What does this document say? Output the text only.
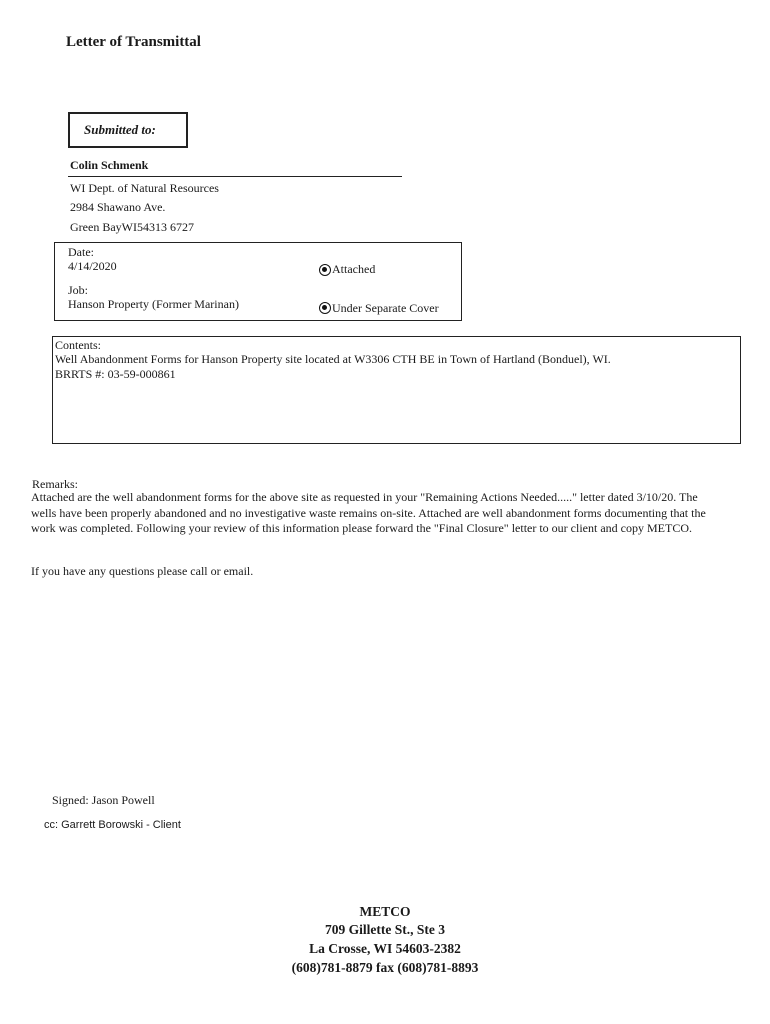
Letter of Transmittal
Submitted to:
Colin Schmenk
WI Dept. of Natural Resources
2984 Shawano Ave.
Green BayWI54313 6727
Date:
4/14/2020
Job:
Hanson Property (Former Marinan)
Attached
Under Separate Cover
Contents:
Well Abandonment Forms for Hanson Property site located at W3306 CTH BE in Town of Hartland (Bonduel), WI.
BRRTS #: 03-59-000861
Remarks:
Attached are the well abandonment forms for the above site as requested in your "Remaining Actions Needed....." letter dated 3/10/20. The wells have been properly abandoned and no investigative waste remains on-site. Attached are well abandonment forms documenting that the work was completed. Following your review of this information please forward the "Final Closure" letter to our client and copy METCO.
If you have any questions please call or email.
Signed: Jason Powell
cc: Garrett Borowski - Client
METCO
709 Gillette St., Ste 3
La Crosse, WI 54603-2382
(608)781-8879 fax (608)781-8893
